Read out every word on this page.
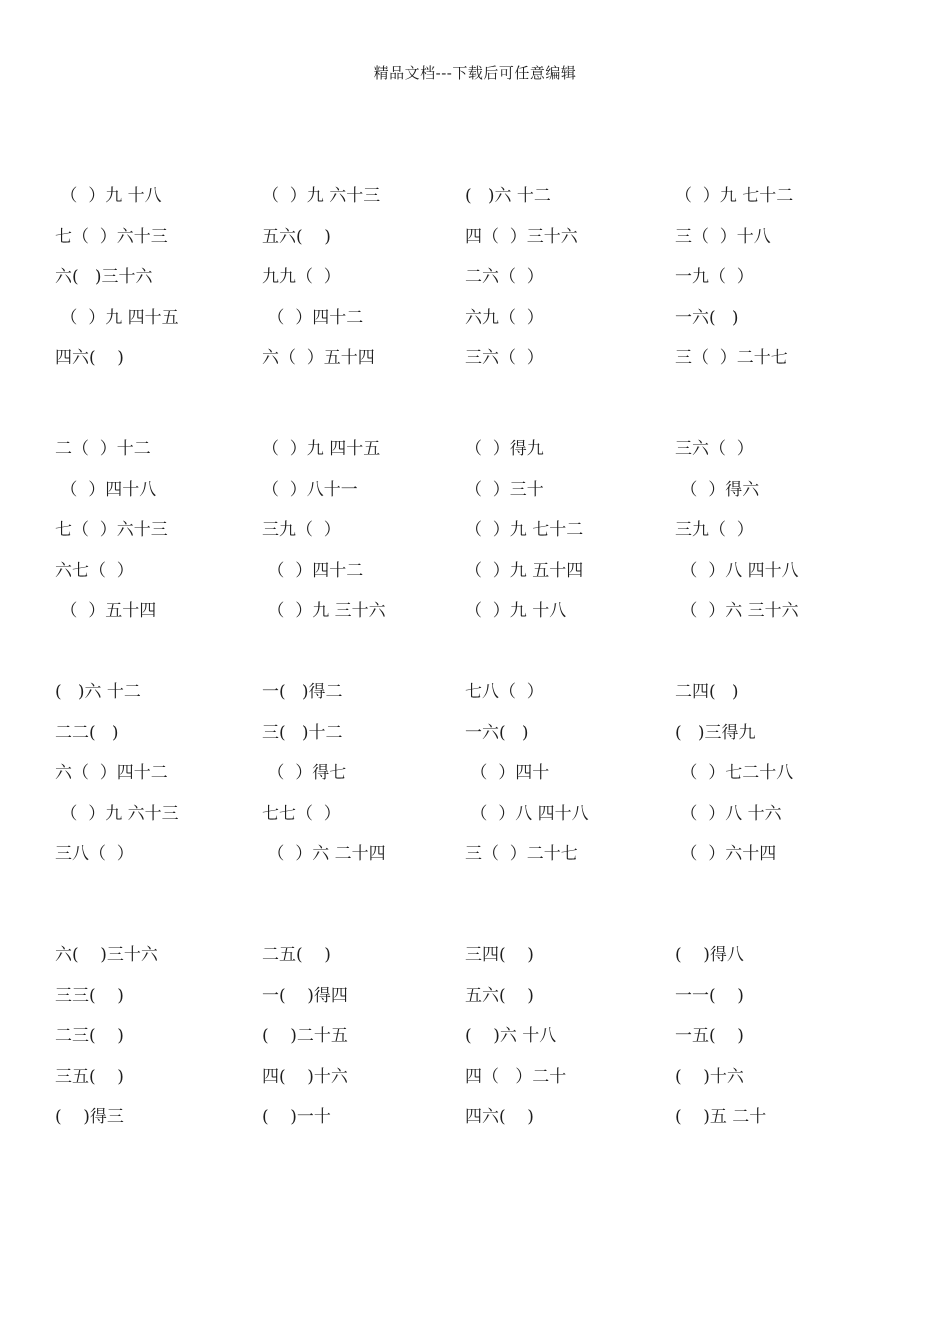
精品文档---下载后可任意编辑
（  ）九 十八
七（  ）六十三
六(   )三十六
（  ）九 四十五
四六(    )
（  ）九 六十三
五六(    )
九九（  ）
（  ）四十二
六（  ）五十四
(   )六 十二
四（  ）三十六
二六（  ）
六九（  ）
三六（  ）
（  ）九 七十二
三（  ）十八
一九（  ）
一六(   )
三（  ）二十七
二（  ）十二
（  ）四十八
七（  ）六十三
六七（  ）
（  ）五十四
（  ）九 四十五
（  ）八十一
三九（  ）
（  ）四十二
（  ）九 三十六
（  ）得九
（  ）三十
（  ）九 七十二
（  ）九 五十四
（  ）九 十八
三六（  ）
（  ）得六
三九（  ）
（  ）八 四十八
（  ）六 三十六
(   )六 十二
二二(   )
六（  ）四十二
（  ）九 六十三
三八（  ）
一(   )得二
三(   )十二
（  ）得七
七七（  ）
（  ）六 二十四
七八（  ）
一六(   )
（  ）四十
（  ）八 四十八
三（  ）二十七
二四(   )
(   )三得九
（  ）七二十八
（  ）八 十六
（  ）六十四
六(    )三十六
三三(    )
二三(    )
三五(    )
(    )得三
二五(    )
一(    )得四
(    )二十五
四(    )十六
(    )一十
三四(    )
五六(    )
(    )六 十八
四（   ）二十
四六(    )
(    )得八
一一(    )
一五(    )
(    )十六
(    )五 二十
